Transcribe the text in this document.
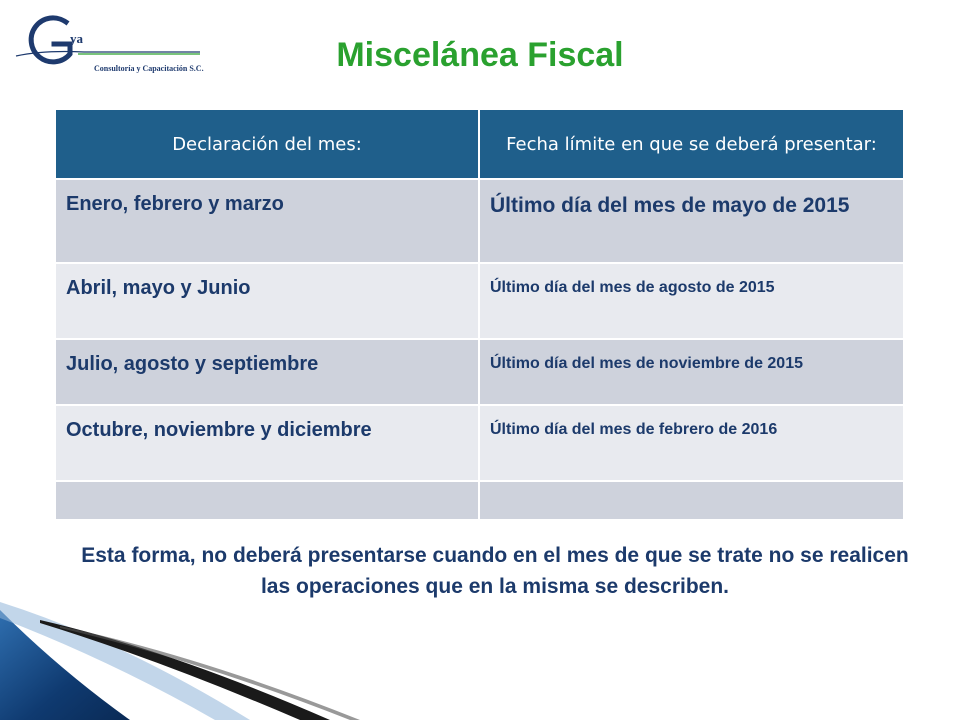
ya
Consultoría y Capacitación S.C.	Miscelánea Fiscal
Declaración del mes:	Fecha límite en que se deberá presentar:
Enero, febrero y marzo	Último día del mes de mayo de 2015
Abril, mayo y Junio	Último día del mes de agosto de 2015
Julio, agosto y septiembre	Último día del mes de noviembre de 2015
Octubre, noviembre y diciembre	Último día del mes de febrero de 2016

Esta forma, no deberá presentarse cuando en el mes de que se trate no se realicen las operaciones que en la misma se describen.
